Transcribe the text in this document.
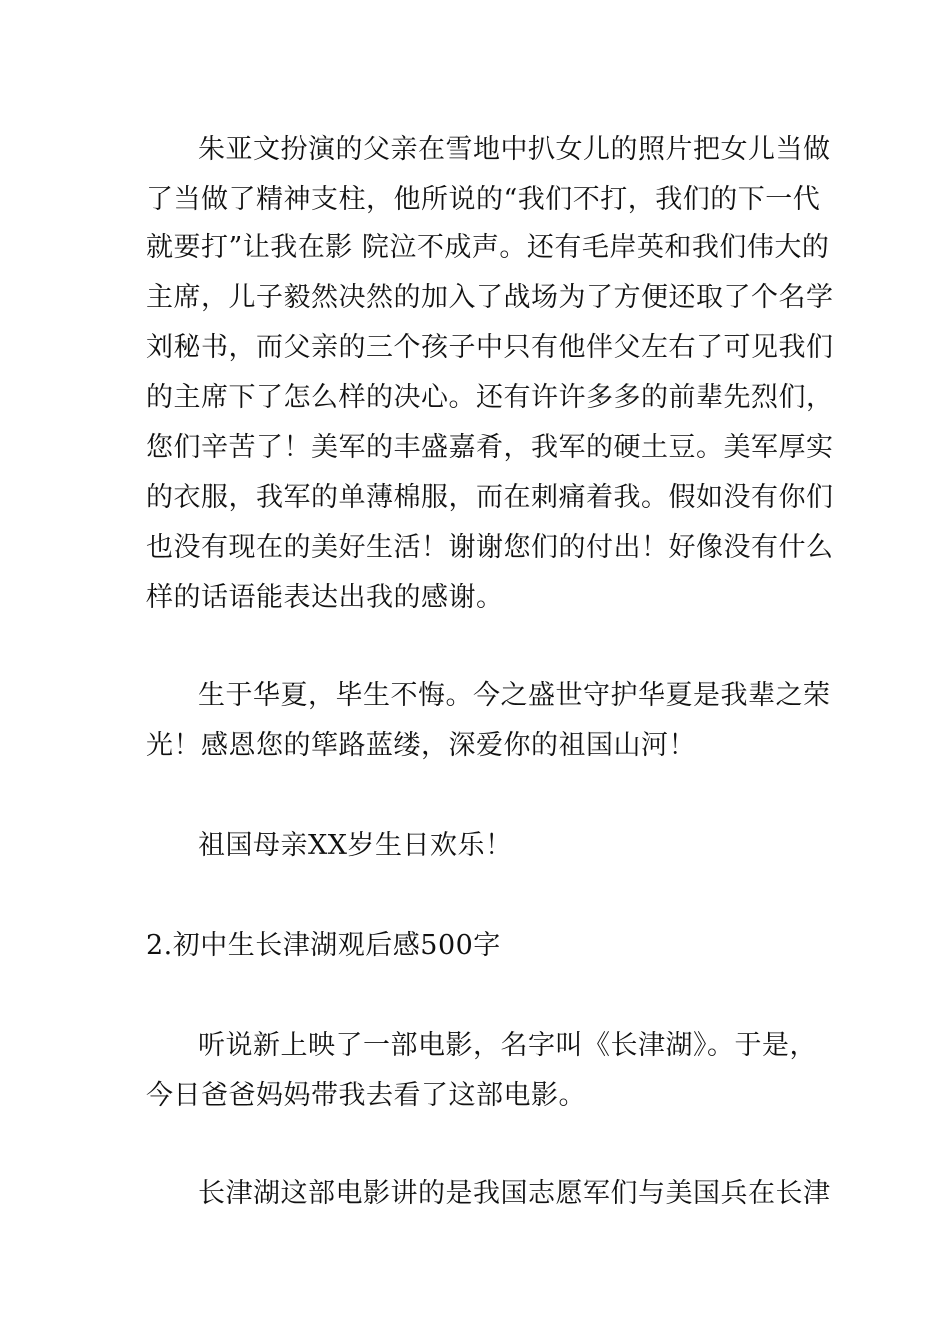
朱亚文扮演的父亲在雪地中扒女儿的照片把女儿当做
了当做了精神支柱，他所说的“我们不打，我们的下一代
就要打”让我在影 院泣不成声。还有毛岸英和我们伟大的
主席，儿子毅然决然的加入了战场为了方便还取了个名学
刘秘书，而父亲的三个孩子中只有他伴父左右了可见我们
的主席下了怎么样的决心。还有许许多多的前辈先烈们，
您们辛苦了！美军的丰盛嘉肴，我军的硬土豆。美军厚实
的衣服，我军的单薄棉服，而在刺痛着我。假如没有你们
也没有现在的美好生活！谢谢您们的付出！好像没有什么
样的话语能表达出我的感谢。
生于华夏，毕生不悔。今之盛世守护华夏是我辈之荣
光！感恩您的筚路蓝缕，深爱你的祖国山河！
祖国母亲XX岁生日欢乐！
2.初中生长津湖观后感500字
听说新上映了一部电影，名字叫《长津湖》。于是，
今日爸爸妈妈带我去看了这部电影。
长津湖这部电影讲的是我国志愿军们与美国兵在长津
